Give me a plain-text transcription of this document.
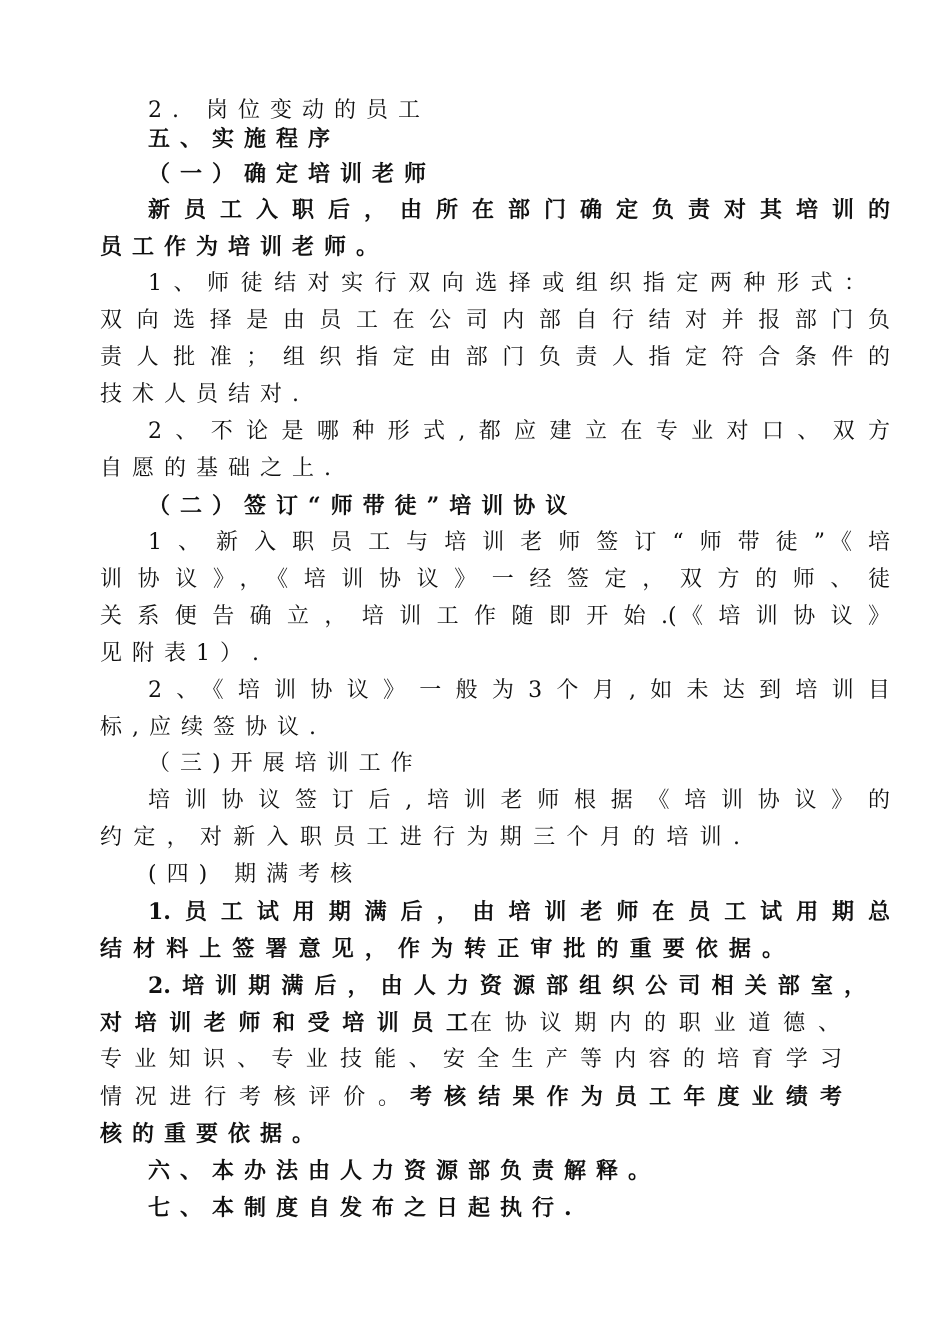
2. 岗位变动的员工
五、实施程序
（一）确定培训老师
新员工入职后，由所在部门确定负责对其培训的
员工作为培训老师。
1、师徒结对实行双向选择或组织指定两种形式：
双向选择是由员工在公司内部自行结对并报部门负
责人批准；组织指定由部门负责人指定符合条件的
技术人员结对.
2、不论是哪种形式,都应建立在专业对口、双方
自愿的基础之上.
（二）签订“师带徒”培训协议
1、新入职员工与培训老师签订“师带徒”《培
训协议》，《培训协议》一经签定，双方的师、徒
关系便告确立，培训工作随即开始.(《培训协议》
见附表1）.
2、《培训协议》一般为3个月,如未达到培训目
标,应续签协议.
（三)开展培训工作
培训协议签订后,培训老师根据《培训协议》的
约定，对新入职员工进行为期三个月的培训.
(四) 期满考核
1.员工试用期满后，由培训老师在员工试用期总
结材料上签署意见，作为转正审批的重要依据。
2.培训期满后，由人力资源部组织公司相关部室，
对培训老师和受培训员工在协议期内的职业道德、
专业知识、专业技能、安全生产等内容的培育学习
情况进行考核评价。 考核结果作为员工年度业绩考
核的重要依据。
六、本办法由人力资源部负责解释。
七、本制度自发布之日起执行.
